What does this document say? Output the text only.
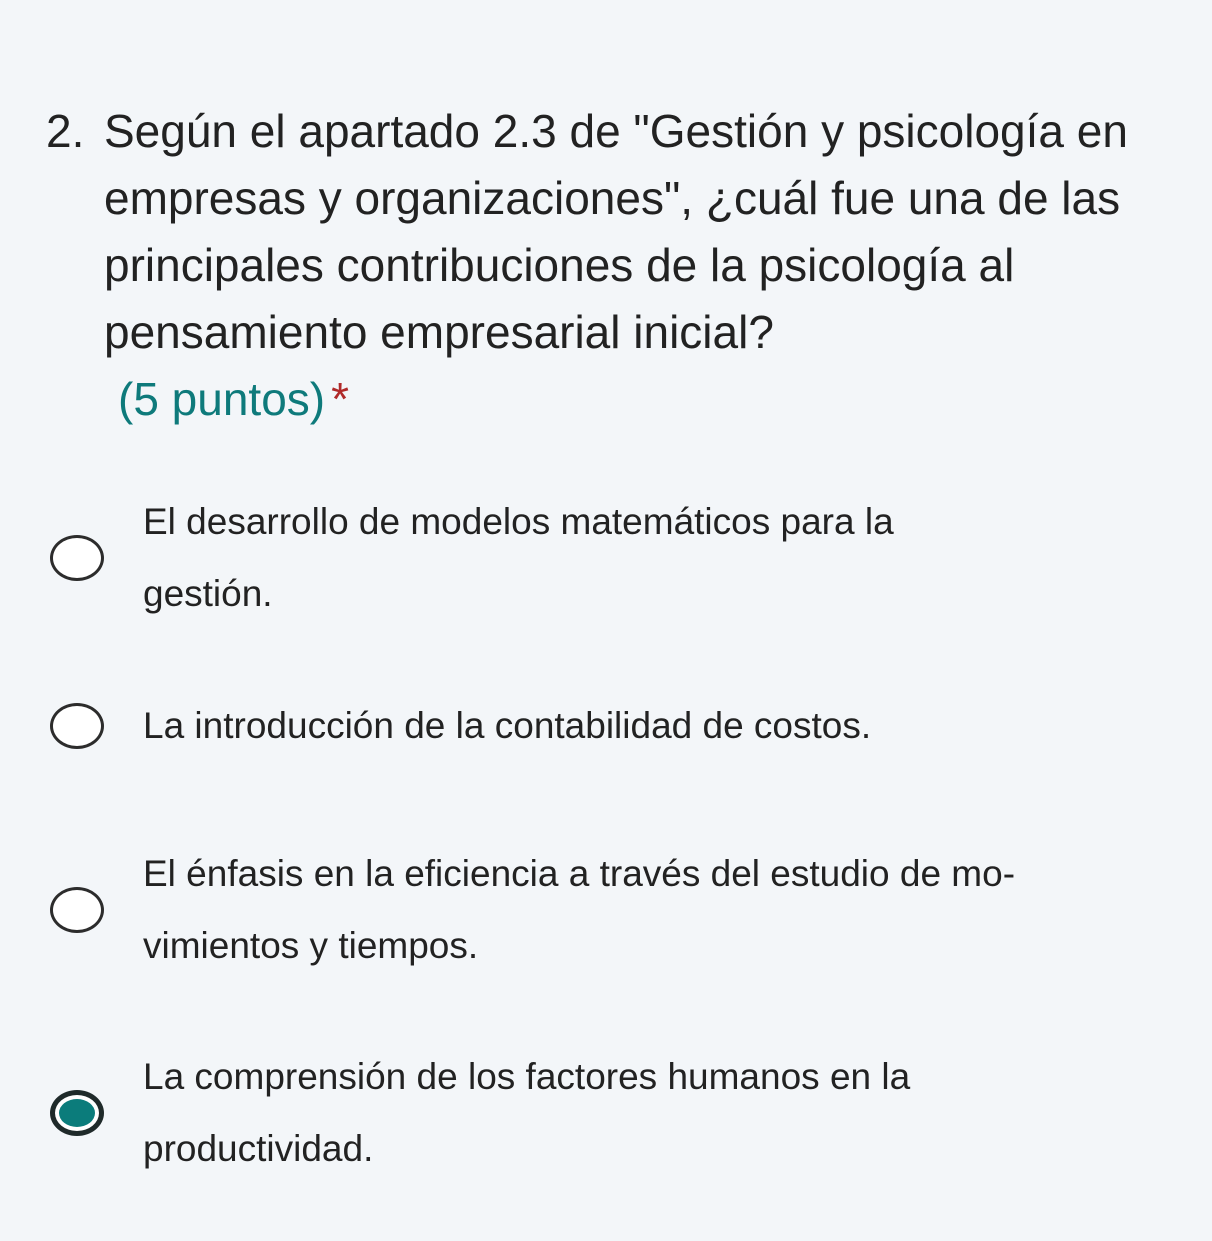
2. Según el apartado 2.3 de "Gestión y psicología en empresas y organizaciones", ¿cuál fue una de las principales contribuciones de la psicología al pensamiento empresarial inicial?
(5 puntos) *
El desarrollo de modelos matemáticos para la gestión.
La introducción de la contabilidad de costos.
El énfasis en la eficiencia a través del estudio de mo-vimientos y tiempos.
La comprensión de los factores humanos en la productividad.
